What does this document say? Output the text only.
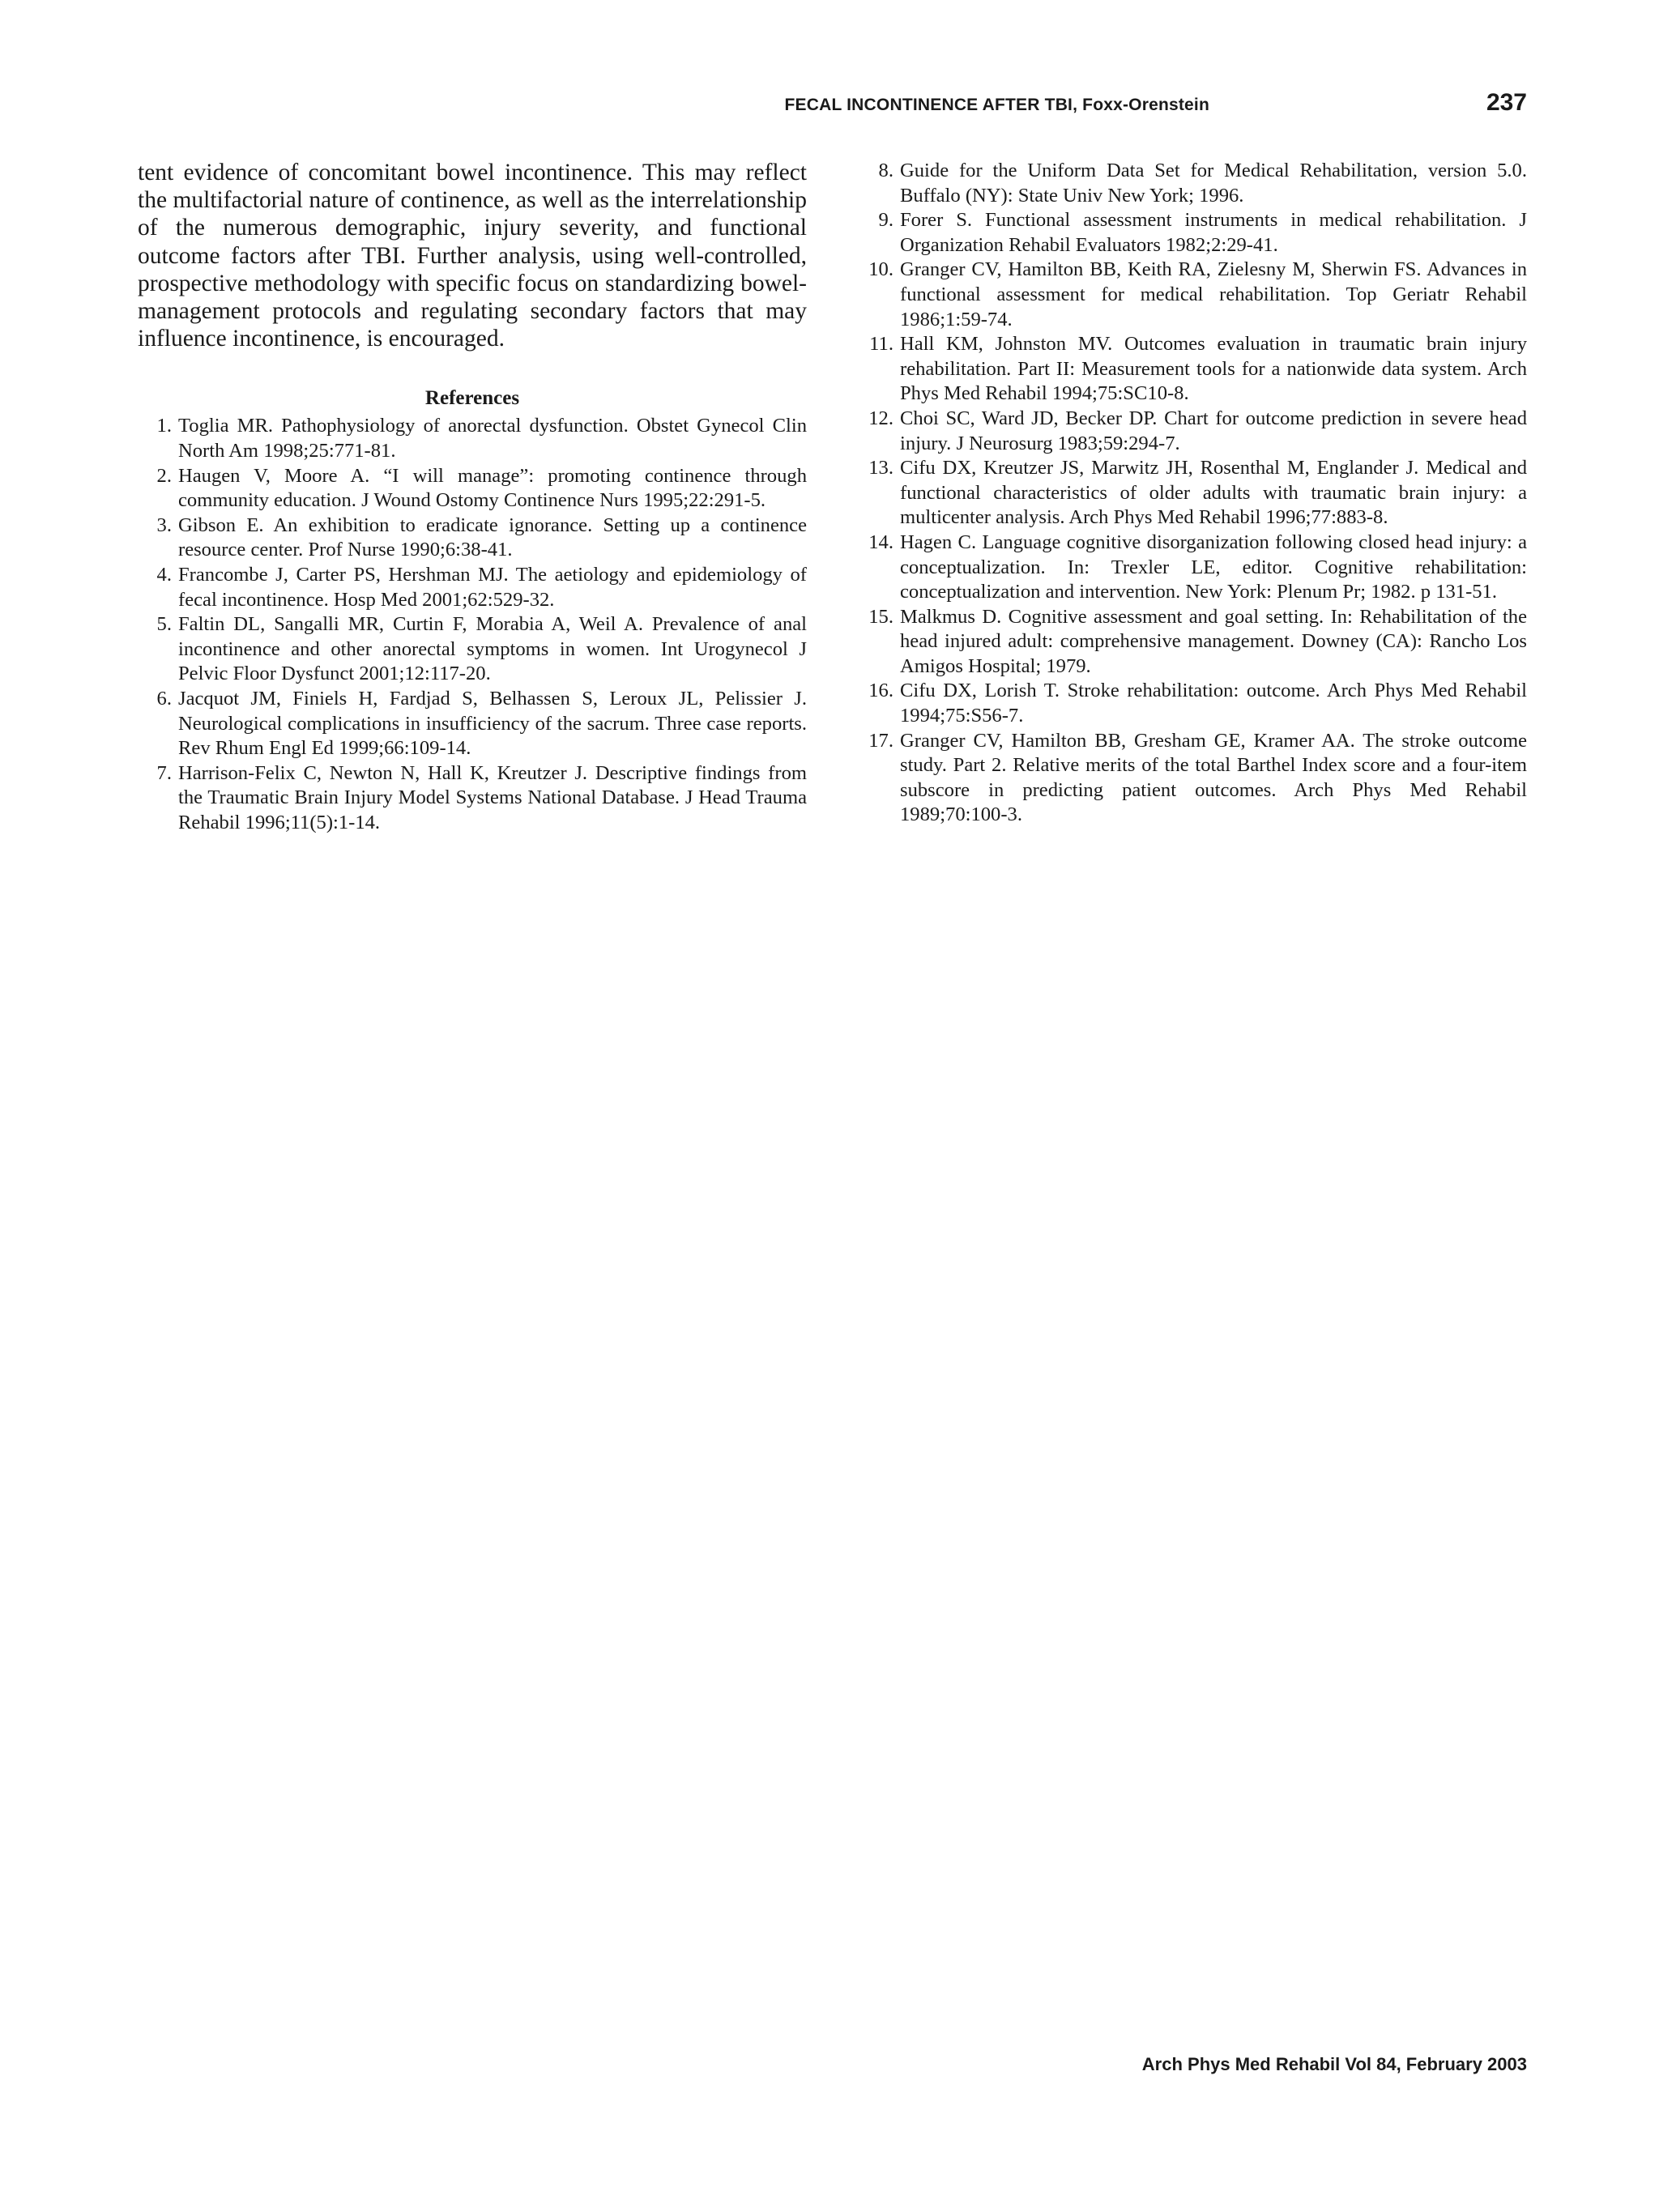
FECAL INCONTINENCE AFTER TBI, Foxx-Orenstein	237

tent evidence of concomitant bowel incontinence. This may reflect the multifactorial nature of continence, as well as the interrelationship of the numerous demographic, injury severity, and functional outcome factors after TBI. Further analysis, using well-controlled, prospective methodology with specific focus on standardizing bowel-management protocols and regulating secondary factors that may influence incontinence, is encouraged.

References
1. Toglia MR. Pathophysiology of anorectal dysfunction. Obstet Gynecol Clin North Am 1998;25:771-81.
2. Haugen V, Moore A. “I will manage”: promoting continence through community education. J Wound Ostomy Continence Nurs 1995;22:291-5.
3. Gibson E. An exhibition to eradicate ignorance. Setting up a continence resource center. Prof Nurse 1990;6:38-41.
4. Francombe J, Carter PS, Hershman MJ. The aetiology and epidemiology of fecal incontinence. Hosp Med 2001;62:529-32.
5. Faltin DL, Sangalli MR, Curtin F, Morabia A, Weil A. Prevalence of anal incontinence and other anorectal symptoms in women. Int Urogynecol J Pelvic Floor Dysfunct 2001;12:117-20.
6. Jacquot JM, Finiels H, Fardjad S, Belhassen S, Leroux JL, Pelissier J. Neurological complications in insufficiency of the sacrum. Three case reports. Rev Rhum Engl Ed 1999;66:109-14.
7. Harrison-Felix C, Newton N, Hall K, Kreutzer J. Descriptive findings from the Traumatic Brain Injury Model Systems National Database. J Head Trauma Rehabil 1996;11(5):1-14.
8. Guide for the Uniform Data Set for Medical Rehabilitation, version 5.0. Buffalo (NY): State Univ New York; 1996.
9. Forer S. Functional assessment instruments in medical rehabilitation. J Organization Rehabil Evaluators 1982;2:29-41.
10. Granger CV, Hamilton BB, Keith RA, Zielesny M, Sherwin FS. Advances in functional assessment for medical rehabilitation. Top Geriatr Rehabil 1986;1:59-74.
11. Hall KM, Johnston MV. Outcomes evaluation in traumatic brain injury rehabilitation. Part II: Measurement tools for a nationwide data system. Arch Phys Med Rehabil 1994;75:SC10-8.
12. Choi SC, Ward JD, Becker DP. Chart for outcome prediction in severe head injury. J Neurosurg 1983;59:294-7.
13. Cifu DX, Kreutzer JS, Marwitz JH, Rosenthal M, Englander J. Medical and functional characteristics of older adults with traumatic brain injury: a multicenter analysis. Arch Phys Med Rehabil 1996;77:883-8.
14. Hagen C. Language cognitive disorganization following closed head injury: a conceptualization. In: Trexler LE, editor. Cognitive rehabilitation: conceptualization and intervention. New York: Plenum Pr; 1982. p 131-51.
15. Malkmus D. Cognitive assessment and goal setting. In: Rehabilitation of the head injured adult: comprehensive management. Downey (CA): Rancho Los Amigos Hospital; 1979.
16. Cifu DX, Lorish T. Stroke rehabilitation: outcome. Arch Phys Med Rehabil 1994;75:S56-7.
17. Granger CV, Hamilton BB, Gresham GE, Kramer AA. The stroke outcome study. Part 2. Relative merits of the total Barthel Index score and a four-item subscore in predicting patient outcomes. Arch Phys Med Rehabil 1989;70:100-3.
Arch Phys Med Rehabil Vol 84, February 2003
